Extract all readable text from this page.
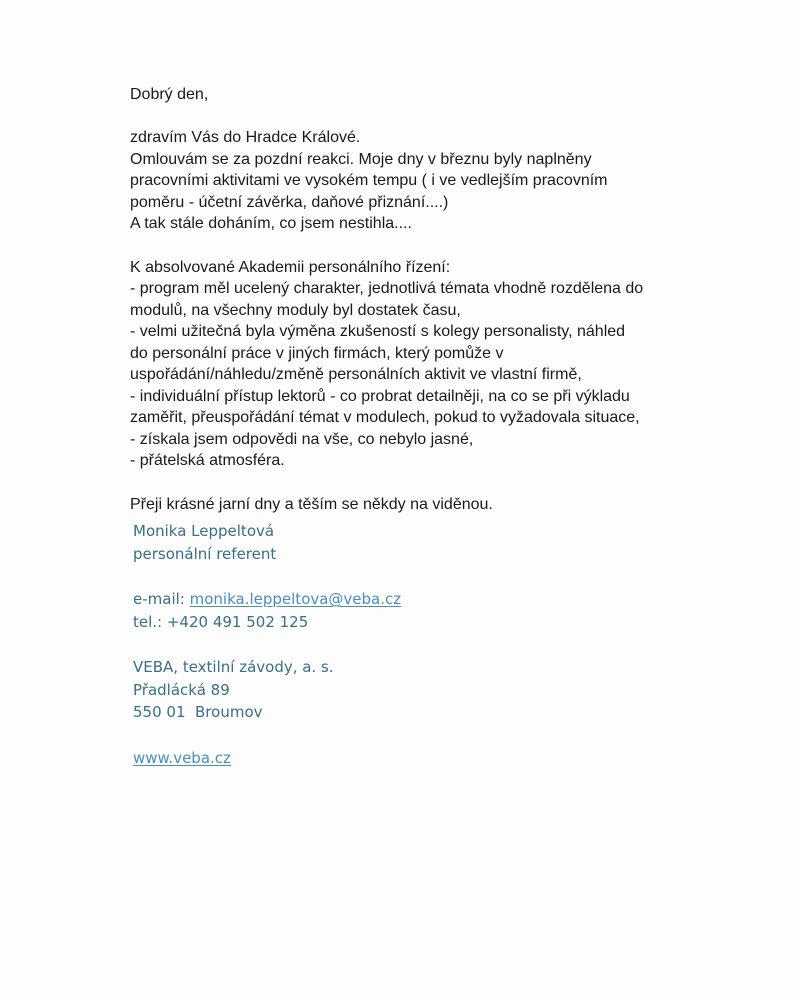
Dobrý den,
zdravím Vás do Hradce Králové.
Omlouvám se za pozdní reakci. Moje dny v březnu byly naplněny
pracovními aktivitami ve vysokém tempu ( i ve vedlejším pracovním
poměru - účetní závěrka, daňové přiznání....)
A tak stále doháním, co jsem nestihla....
K absolvované Akademii personálního řízení:
- program měl ucelený charakter, jednotlivá témata vhodně rozdělena do
modulů, na všechny moduly byl dostatek času,
- velmi užitečná byla výměna zkušeností s kolegy personalisty, náhled
do personální práce v jiných firmách, který pomůže v
uspořádání/náhledu/změně personálních aktivit ve vlastní firmě,
- individuální přístup lektorů - co probrat detailněji, na co se při výkladu
zaměřit, přeuspořádání témat v modulech, pokud to vyžadovala situace,
- získala jsem odpovědi na vše, co nebylo jasné,
- přátelská atmosféra.
Přeji krásné jarní dny a těším se někdy na viděnou.
Monika Leppeltová
personální referent
e-mail: monika.leppeltova@veba.cz
tel.: +420 491 502 125
VEBA, textilní závody, a. s.
Přadlácká 89
550 01  Broumov
www.veba.cz
